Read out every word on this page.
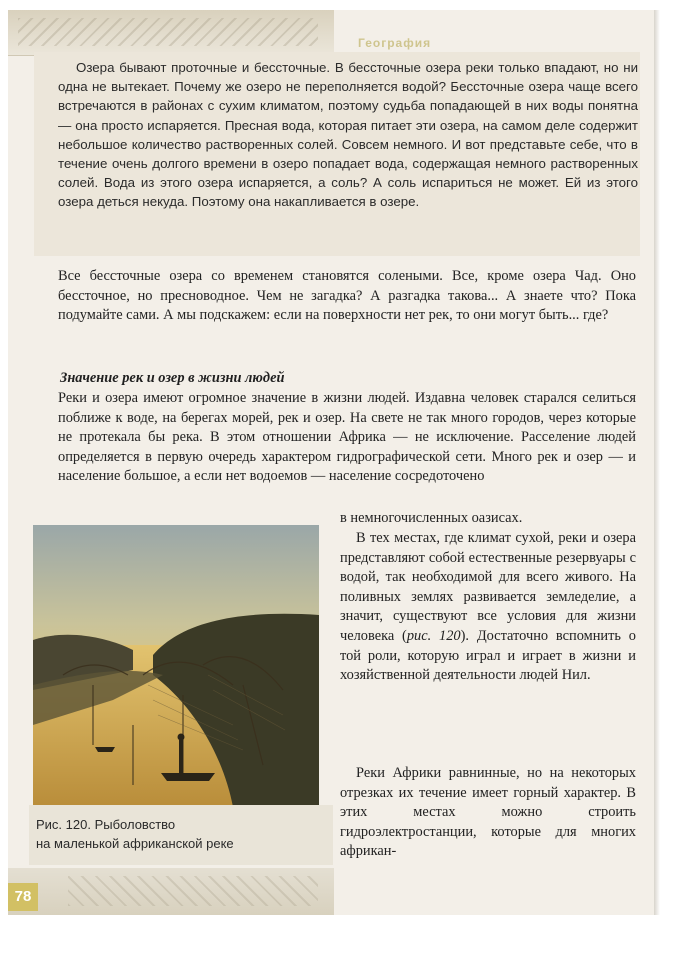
География

Озера бывают проточные и бессточные. В бессточные озера реки только впадают, но ни одна не вытекает. Почему же озеро не переполняется водой? Бессточные озера чаще всего встречаются в районах с сухим климатом, поэтому судьба попадающей в них воды понятна — она просто испаряется. Пресная вода, которая питает эти озера, на самом деле содержит небольшое количество растворенных солей. Совсем немного. И вот представьте себе, что в течение очень долгого времени в озеро попадает вода, содержащая немного растворенных солей. Вода из этого озера испаряется, а соль? А соль испариться не может. Ей из этого озера деться некуда. Поэтому она накапливается в озере.

Все бессточные озера со временем становятся солеными. Все, кроме озера Чад. Оно бессточное, но пресноводное. Чем не загадка? А разгадка такова... А знаете что? Пока подумайте сами. А мы подскажем: если на поверхности нет рек, то они могут быть... где?

Значение рек и озер в жизни людей

Реки и озера имеют огромное значение в жизни людей. Издавна человек старался селиться поближе к воде, на берегах морей, рек и озер. На свете не так много городов, через которые не протекала бы река. В этом отношении Африка — не исключение. Расселение людей определяется в первую очередь характером гидрографической сети. Много рек и озер — и население большое, а если нет водоемов — население сосредоточено

в немногочисленных оазисах.

В тех местах, где климат сухой, реки и озера представляют собой естественные резервуары с водой, так необходимой для всего живого. На поливных землях развивается земледелие, а значит, существуют все условия для жизни человека (рис. 120). Достаточно вспомнить о той роли, которую играл и играет в жизни и хозяйственной деятельности людей Нил.

Реки Африки равнинные, но на некоторых отрезках их течение имеет горный характер. В этих местах можно строить гидроэлектростанции, которые для многих африкан-

Рис. 120. Рыболовство
на маленькой африканской реке

78
